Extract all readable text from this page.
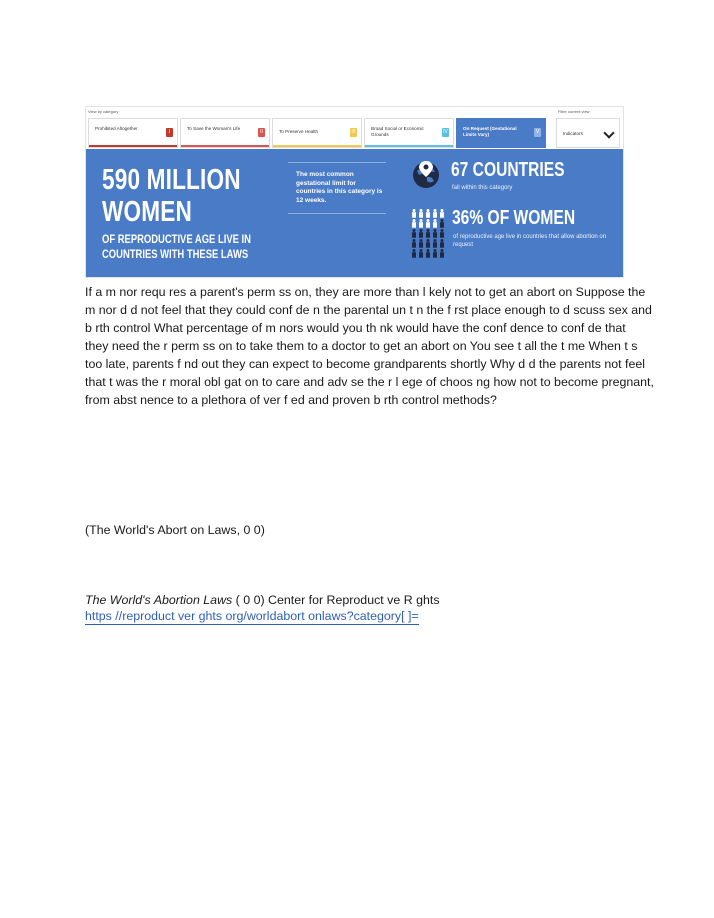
View by category	Filter current view
Prohibited Altogether
I
To Save the Woman's Life
II	To Preserve Health	III
Broad Social or Economic Grounds	IV
On Request (Gestational Limits Vary)	V	Indicators
590 MILLION
WOMEN
OF REPRODUCTIVE AGE LIVE IN
COUNTRIES WITH THESE LAWS
The most common gestational limit for countries in this category is 12 weeks.
67 COUNTRIES
fall within this category
36% OF WOMEN
of reproductive age live in countries that allow abortion on request

If a m nor requ res a parent's perm ss on, they are more than l kely not to get an abort on Suppose the

m nor d d not feel that they could conf de n the parental un t n the f rst place enough to d scuss sex and

b rth control What percentage of m nors would you th nk would have the conf dence to conf de that

they need the r perm ss on to take them to a doctor to get an abort on You see t all the t me When t s

too late, parents f nd out they can expect to become grandparents shortly Why d d the parents not feel

that t was the r moral obl gat on to care and adv se the r l ege of choos ng how not to become pregnant,

from abst nence to a plethora of ver f ed and proven b rth control methods?

(The World's Abort on Laws, 0 0)
The World's Abortion Laws ( 0 0) Center for Reproduct ve R ghts
https //reproduct ver ghts org/worldabort onlaws?category[ ]=
